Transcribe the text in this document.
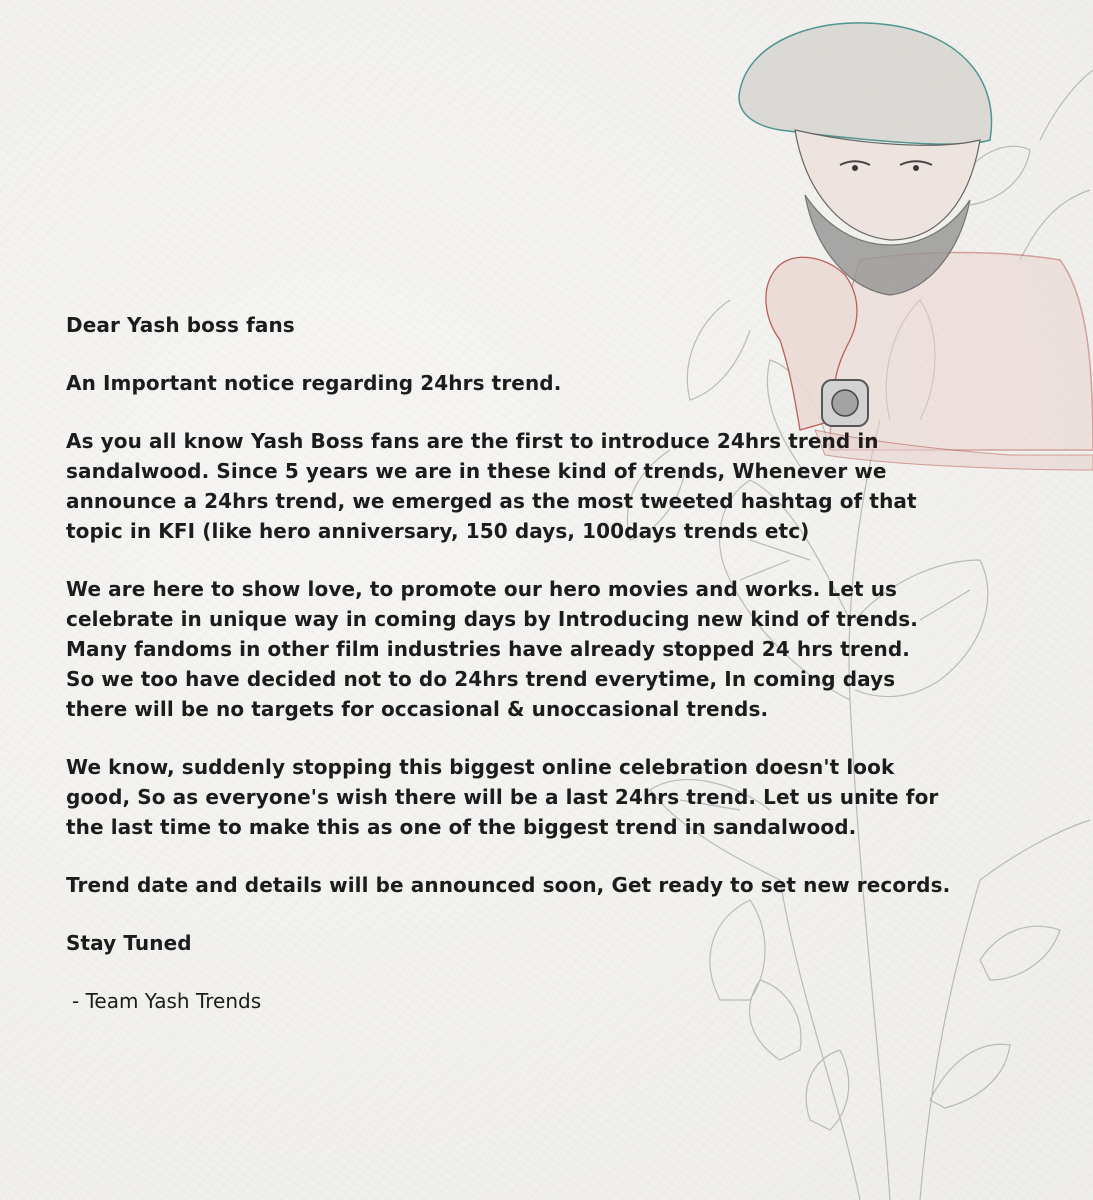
Dear Yash boss fans

An Important notice regarding 24hrs trend.

As you all know Yash Boss fans are the first to introduce 24hrs trend in
sandalwood. Since 5 years we are in these kind of trends, Whenever we
announce a 24hrs trend, we emerged as the most tweeted hashtag of that
topic in KFI (like hero anniversary, 150 days, 100days trends etc)

We are here to show love, to promote our hero movies and works. Let us
celebrate in unique way in coming days by Introducing new kind of trends.
Many fandoms in other film industries have already stopped 24 hrs trend.
So we too have decided not to do 24hrs trend everytime, In coming days
there will be no targets for occasional & unoccasional trends.

We know, suddenly stopping this biggest online celebration doesn't look
good, So as everyone's wish there will be a last 24hrs trend. Let us unite for
the last time to make this as one of the biggest trend in sandalwood.

Trend date and details will be announced soon, Get ready to set new records.

Stay Tuned

- Team Yash Trends
